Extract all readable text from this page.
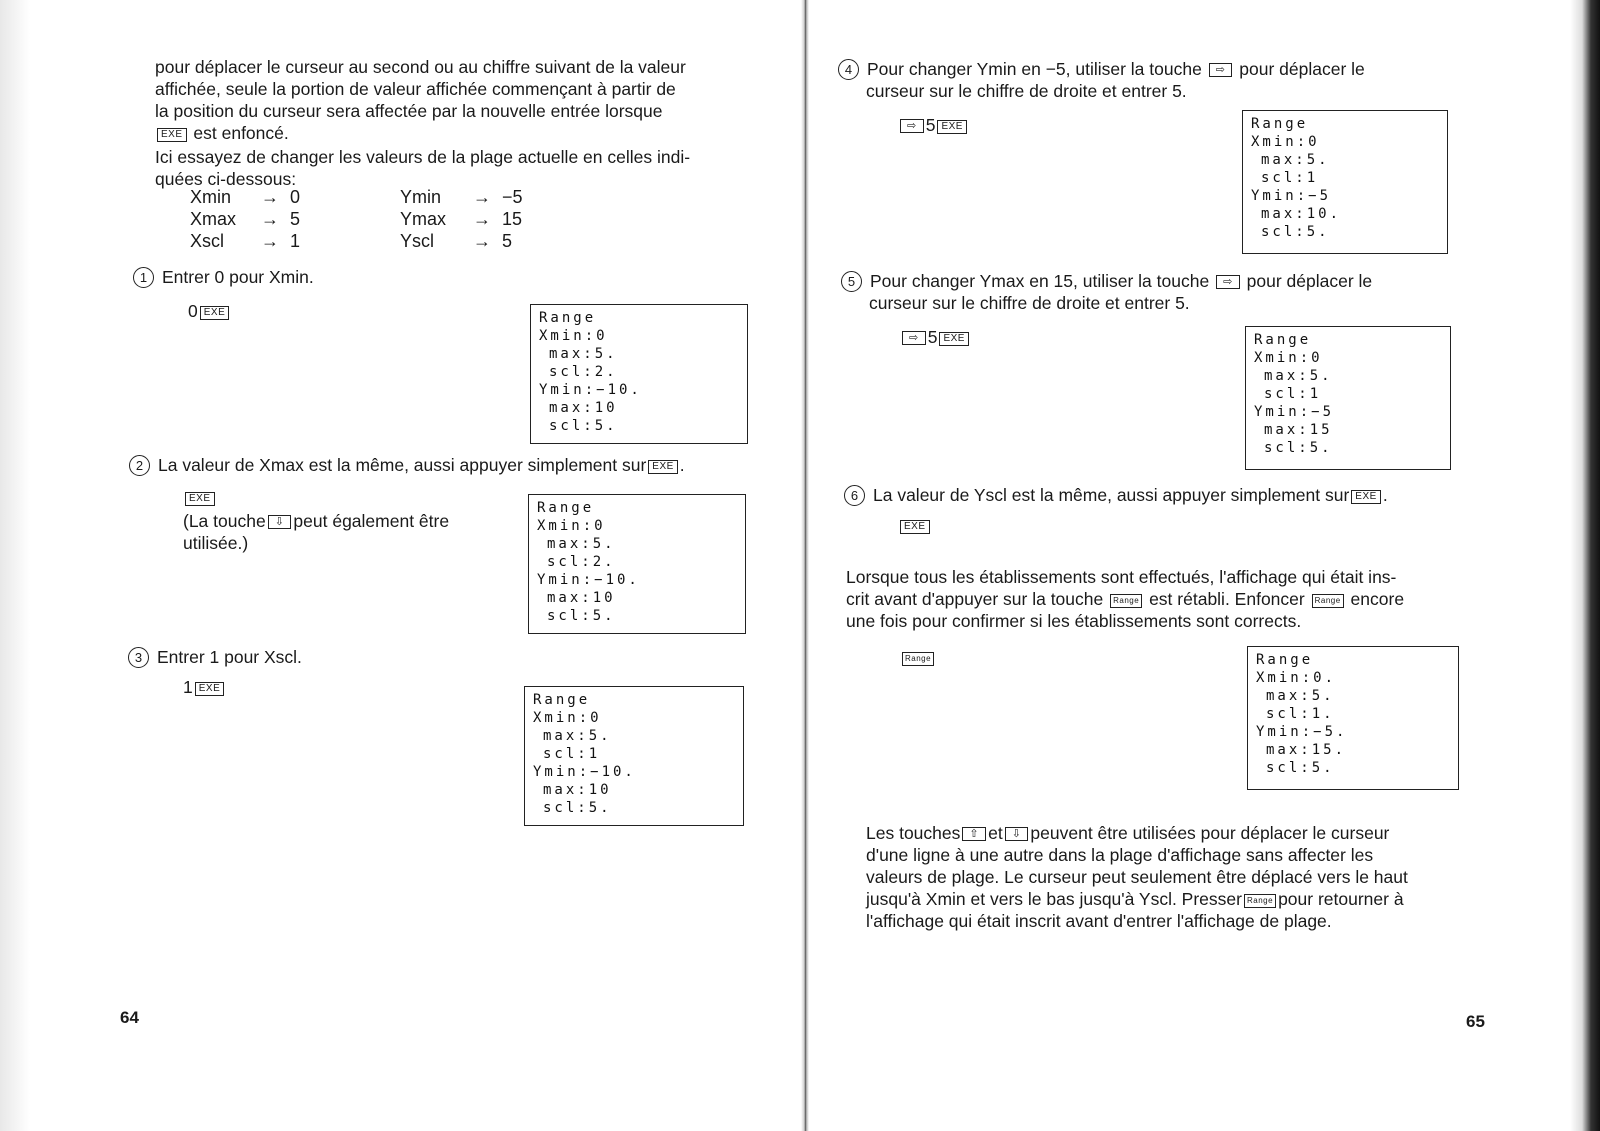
pour déplacer le curseur au second ou au chiffre suivant de la valeur
affichée, seule la portion de valeur affichée commençant à partir de
la position du curseur sera affectée par la nouvelle entrée lorsque
EXE est enfoncé.
Ici essayez de changer les valeurs de la plage actuelle en celles indi-
quées ci-dessous:
Xmin	→	0	Ymin	→	−5
Xmax	→	5	Ymax	→	15
Xscl	→	1	Yscl	→	5
1 Entrer 0 pour Xmin.
0 EXE	Range
Xmin:0
max:5.
scl:2.
Ymin:−10.
max:10
scl:5.
2 La valeur de Xmax est la même, aussi appuyer simplement sur EXE .
EXE
(La touche ⇩ peut également être
utilisée.)
Range
Xmin:0
max:5.
scl:2.
Ymin:−10.
max:10
scl:5.
3 Entrer 1 pour Xscl.
1 EXE
Range
Xmin:0
max:5.
scl:1
Ymin:−10.
max:10
scl:5.
64
4 Pour changer Ymin en −5, utiliser la touche ⇨ pour déplacer le
curseur sur le chiffre de droite et entrer 5.
⇨ 5 EXE	Range
Xmin:0
max:5.
scl:1
Ymin:−5
max:10.
scl:5.
5 Pour changer Ymax en 15, utiliser la touche ⇨ pour déplacer le
curseur sur le chiffre de droite et entrer 5.
⇨ 5 EXE	Range
Xmin:0
max:5.
scl:1
Ymin:−5
max:15
scl:5.
6 La valeur de Yscl est la même, aussi appuyer simplement sur EXE .
EXE
Lorsque tous les établissements sont effectués, l'affichage qui était ins-
crit avant d'appuyer sur la touche Range est rétabli. Enfoncer Range encore
une fois pour confirmer si les établissements sont corrects.
Range	Range
Xmin:0.
max:5.
scl:1.
Ymin:−5.
max:15.
scl:5.
Les touches ⇧ et ⇩ peuvent être utilisées pour déplacer le curseur
d'une ligne à une autre dans la plage d'affichage sans affecter les
valeurs de plage. Le curseur peut seulement être déplacé vers le haut
jusqu'à Xmin et vers le bas jusqu'à Yscl. Presser Range pour retourner à
l'affichage qui était inscrit avant d'entrer l'affichage de plage.
65
